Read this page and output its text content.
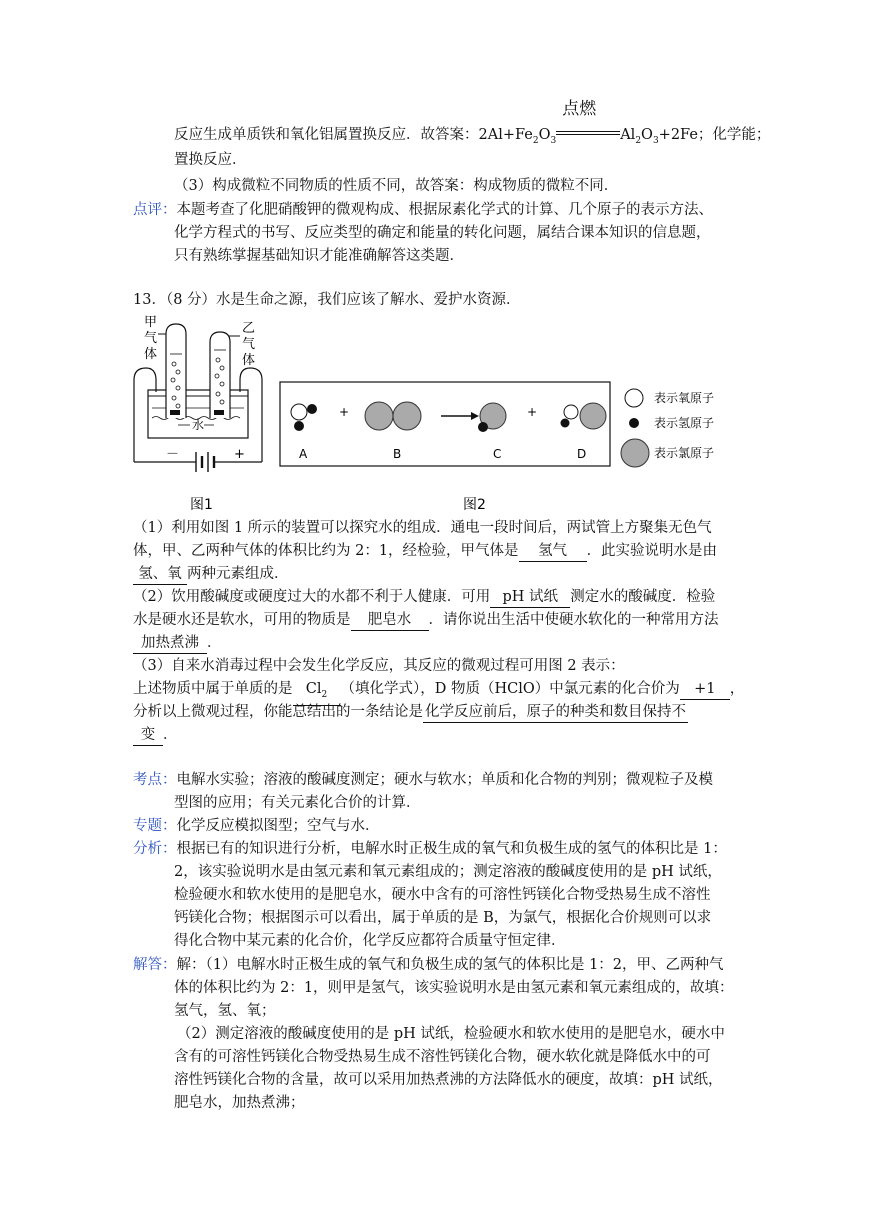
反应生成单质铁和氧化铝属置换反应．故答案：$2Al+Fe_2O_3$
点燃
$Al_2O_3+2Fe$；化学能；
置换反应．
（3）构成微粒不同物质的性质不同，故答案：构成物质的微粒不同．
点评：本题考查了化肥硝酸钾的微观构成、根据尿素化学式的计算、几个原子的表示方法、
化学方程式的书写、反应类型的确定和能量的转化问题，属结合课本知识的信息题，
只有熟练掌握基础知识才能准确解答这类题．
13．（8 分）水是生命之源，我们应该了解水、爱护水资源．
甲
气
体
乙
气
体
水
－	+
图1
+	+
A	B	C	D
表示氧原子
表示氢原子
表示氯原子
图2
（1）利用如图 1 所示的装置可以探究水的组成．通电一段时间后，两试管上方聚集无色气
体，甲、乙两种气体的体积比约为 2：1，经检验，甲气体是 氢气 ．此实验说明水是由
氢、氧 两种元素组成．
（2）饮用酸碱度或硬度过大的水都不利于人健康．可用 pH 试纸 测定水的酸碱度．检验
水是硬水还是软水，可用的物质是 肥皂水 ．请你说出生活中使硬水软化的一种常用方法
加热煮沸 ．
（3）自来水消毒过程中会发生化学反应，其反应的微观过程可用图 2 表示：
上述物质中属于单质的是 $Cl_2$ （填化学式），D 物质（HClO）中氯元素的化合价为 +1 ，
分析以上微观过程，你能总结出的一条结论是 化学反应前后，原子的种类和数目保持不
变 ．
考点：电解水实验；溶液的酸碱度测定；硬水与软水；单质和化合物的判别；微观粒子及模
型图的应用；有关元素化合价的计算．
专题：化学反应模拟图型；空气与水．
分析：根据已有的知识进行分析，电解水时正极生成的氧气和负极生成的氢气的体积比是 1：
2，该实验说明水是由氢元素和氧元素组成的；测定溶液的酸碱度使用的是 pH 试纸，
检验硬水和软水使用的是肥皂水，硬水中含有的可溶性钙镁化合物受热易生成不溶性
钙镁化合物；根据图示可以看出，属于单质的是 B，为氯气，根据化合价规则可以求
得化合物中某元素的化合价，化学反应都符合质量守恒定律．
解答：解：（1）电解水时正极生成的氧气和负极生成的氢气的体积比是 1：2，甲、乙两种气
体的体积比约为 2：1，则甲是氢气，该实验说明水是由氢元素和氧元素组成的，故填：
氢气，氢、氧；
（2）测定溶液的酸碱度使用的是 pH 试纸，检验硬水和软水使用的是肥皂水，硬水中
含有的可溶性钙镁化合物受热易生成不溶性钙镁化合物，硬水软化就是降低水中的可
溶性钙镁化合物的含量，故可以采用加热煮沸的方法降低水的硬度，故填：pH 试纸，
肥皂水，加热煮沸；
